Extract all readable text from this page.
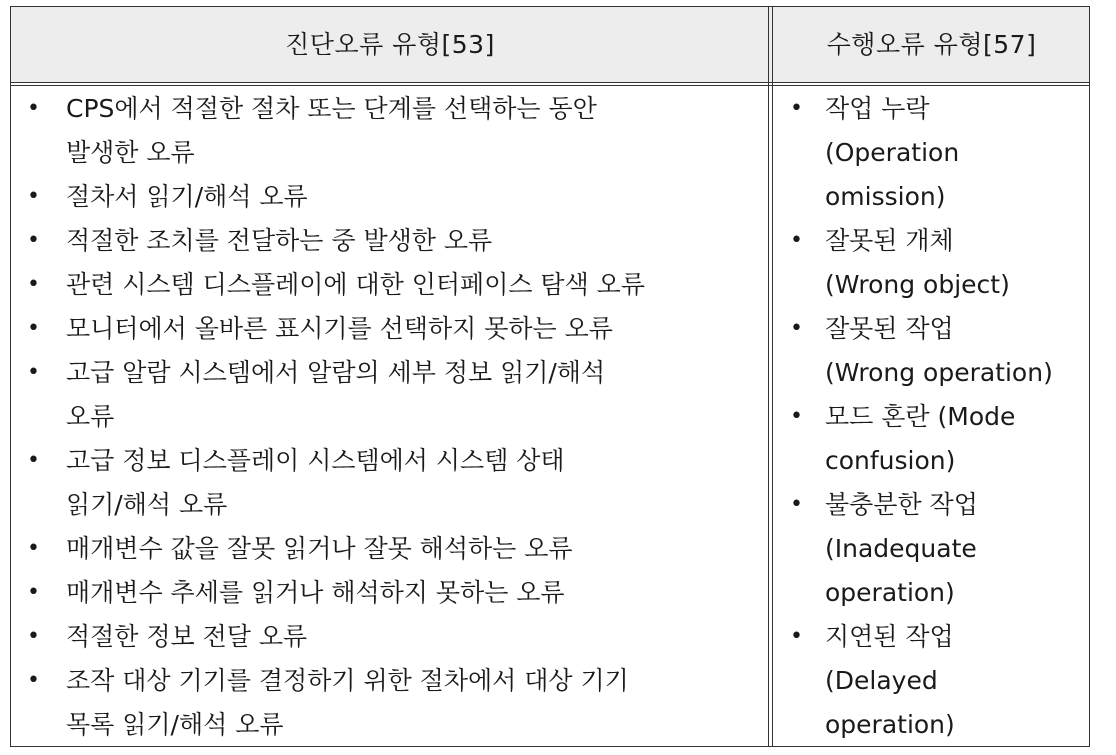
진단오류 유형[53]	수행오류 유형[57]
• CPS에서 적절한 절차 또는 단계를 선택하는 동안
발생한 오류
• 절차서 읽기/해석 오류
• 적절한 조치를 전달하는 중 발생한 오류
• 관련 시스템 디스플레이에 대한 인터페이스 탐색 오류
• 모니터에서 올바른 표시기를 선택하지 못하는 오류
• 고급 알람 시스템에서 알람의 세부 정보 읽기/해석
오류
• 고급 정보 디스플레이 시스템에서 시스템 상태
읽기/해석 오류
• 매개변수 값을 잘못 읽거나 잘못 해석하는 오류
• 매개변수 추세를 읽거나 해석하지 못하는 오류
• 적절한 정보 전달 오류
• 조작 대상 기기를 결정하기 위한 절차에서 대상 기기
목록 읽기/해석 오류
• 작업 누락
(Operation
omission)
• 잘못된 개체
(Wrong object)
• 잘못된 작업
(Wrong operation)
• 모드 혼란 (Mode
confusion)
• 불충분한 작업
(Inadequate
operation)
• 지연된 작업
(Delayed
operation)
